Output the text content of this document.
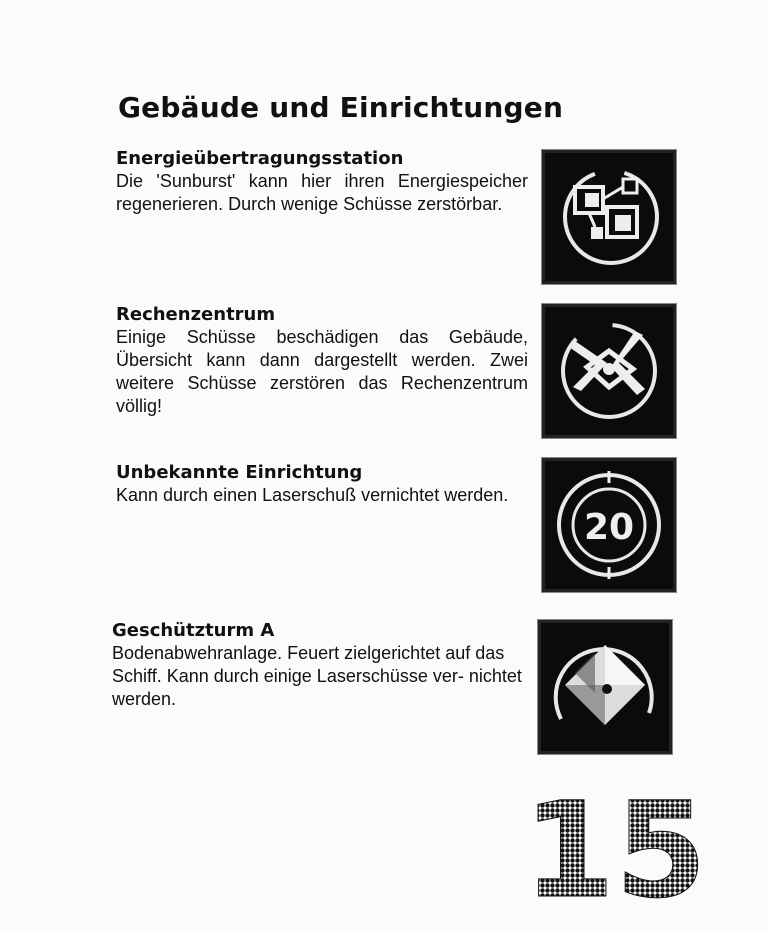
Gebäude und Einrichtungen
Energieübertragungsstation

Die 'Sunburst' kann hier ihren Energiespeicher regenerieren. Durch wenige Schüsse zerstörbar.

Rechenzentrum

Einige Schüsse beschädigen das Gebäude, Übersicht kann dann dargestellt werden. Zwei weitere Schüsse zerstören das Rechenzentrum völlig!

Unbekannte Einrichtung

Kann durch einen Laserschuß vernichtet werden.

20
Geschützturm A

Bodenabwehranlage. Feuert zielgerichtet auf das Schiff. Kann durch einige Laserschüsse ver- nichtet werden.

15
